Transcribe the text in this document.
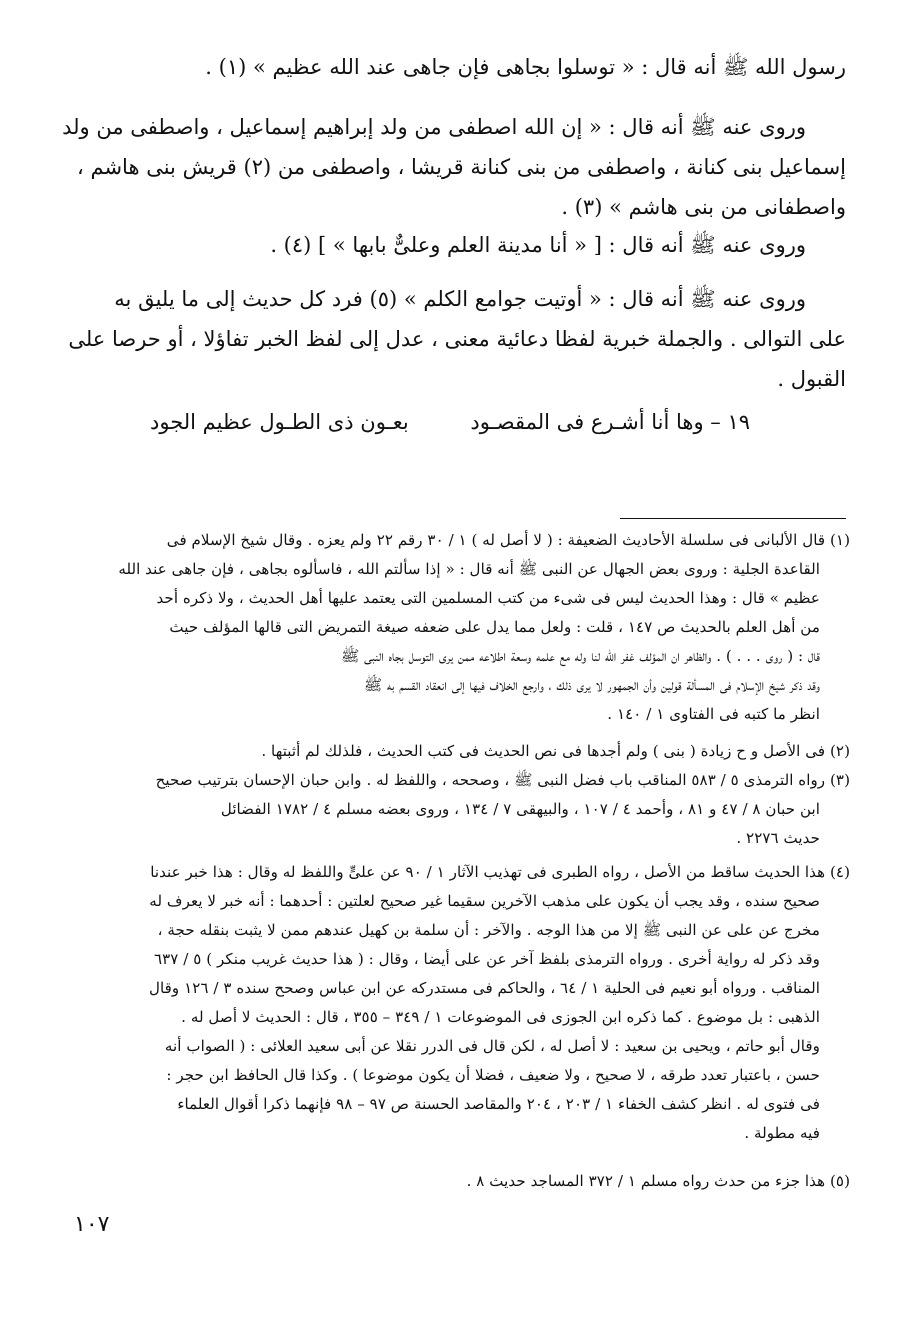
رسول الله ﷺ أنه قال : « توسلوا بجاهى فإن جاهى عند الله عظيم » (١) .
وروى عنه ﷺ أنه قال : « إن الله اصطفى من ولد إبراهيم إسماعيل ، واصطفى من ولد
إسماعيل بنى كنانة ، واصطفى من بنى كنانة قريشا ، واصطفى من (٢) قريش بنى هاشم ،
واصطفانى من بنى هاشم » (٣) .
وروى عنه ﷺ أنه قال : [ « أنا مدينة العلم وعلىٌّ بابها » ] (٤) .
وروى عنه ﷺ أنه قال : « أوتيت جوامع الكلم » (٥) فرد كل حديث إلى ما يليق به
على التوالى . والجملة خبرية لفظا دعائية معنى ، عدل إلى لفظ الخبر تفاؤلا ، أو حرصا على
القبول .
١٩ – وها أنا أشـرع فى المقصـود
بعـون ذى الطـول عظيم الجود
(١) قال الألبانى فى سلسلة الأحاديث الضعيفة : ( لا أصل له ) ١ / ٣٠ رقم ٢٢ ولم يعزه . وقال شيخ الإسلام فى
القاعدة الجلية : وروى بعض الجهال عن النبى ﷺ أنه قال : « إذا سألتم الله ، فاسألوه بجاهى ، فإن جاهى عند الله
عظيم » قال : وهذا الحديث ليس فى شىء من كتب المسلمين التى يعتمد عليها أهل الحديث ، ولا ذكره أحد
من أهل العلم بالحديث ص ١٤٧ ، قلت : ولعل مما يدل على ضعفه صيغة التمريض التى قالها المؤلف حيث
قال : ( روى . . . ) . والظاهر ان المؤلف غفر الله لنا وله مع علمه وسعة اطلاعه ممن يرى التوسل بجاه النبى ﷺ
وقد ذكر شيخ الإسلام فى المسألة قولين وأن الجمهور لا يرى ذلك ، وارجع الخلاف فيها إلى انعقاد القسم به ﷺ
انظر ما كتبه فى الفتاوى ١ / ١٤٠ .
(٢) فى الأصل و ح زيادة ( بنى ) ولم أجدها فى نص الحديث فى كتب الحديث ، فلذلك لم أثبتها .
(٣) رواه الترمذى ٥ / ٥٨٣ المناقب باب فضل النبى ﷺ ، وصححه ، واللفظ له . وابن حبان الإحسان بترتيب صحيح
ابن حبان ٨ / ٤٧ و ٨١ ، وأحمد ٤ / ١٠٧ ، والبيهقى ٧ / ١٣٤ ، وروى بعضه مسلم ٤ / ١٧٨٢ الفضائل
حديث ٢٢٧٦ .
(٤) هذا الحديث ساقط من الأصل ، رواه الطبرى فى تهذيب الآثار ١ / ٩٠ عن علىٍّ واللفظ له وقال : هذا خبر عندنا
صحيح سنده ، وقد يجب أن يكون على مذهب الآخرين سقيما غير صحيح لعلتين : أحدهما : أنه خبر لا يعرف له
مخرج عن على عن النبى ﷺ إلا من هذا الوجه . والآخر : أن سلمة بن كهيل عندهم ممن لا يثبت بنقله حجة ،
وقد ذكر له رواية أخرى . ورواه الترمذى بلفظ آخر عن على أيضا ، وقال : ( هذا حديث غريب منكر ) ٥ / ٦٣٧
المناقب . ورواه أبو نعيم فى الحلية ١ / ٦٤ ، والحاكم فى مستدركه عن ابن عباس وصحح سنده ٣ / ١٢٦ وقال
الذهبى : بل موضوع . كما ذكره ابن الجوزى فى الموضوعات ١ / ٣٤٩ – ٣٥٥ ، قال : الحديث لا أصل له .
وقال أبو حاتم ، ويحيى بن سعيد : لا أصل له ، لكن قال فى الدرر نقلا عن أبى سعيد العلائى : ( الصواب أنه
حسن ، باعتبار تعدد طرقه ، لا صحيح ، ولا ضعيف ، فضلا أن يكون موضوعا ) . وكذا قال الحافظ ابن حجر :
فى فتوى له . انظر كشف الخفاء ١ / ٢٠٣ ، ٢٠٤ والمقاصد الحسنة ص ٩٧ – ٩٨ فإنهما ذكرا أقوال العلماء
فيه مطولة .
(٥) هذا جزء من حدث رواه مسلم ١ / ٣٧٢ المساجد حديث ٨ .
١٠٧
